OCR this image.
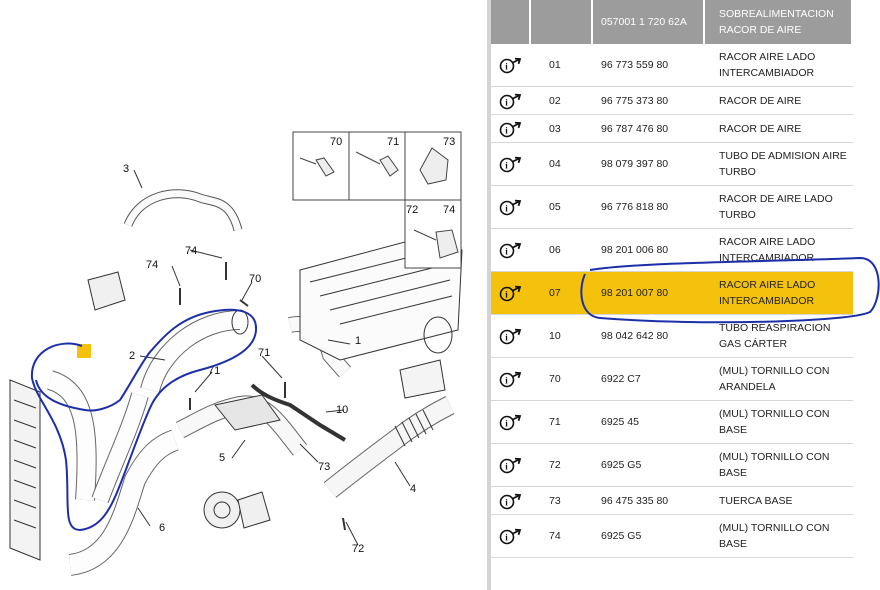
3
74
74
70
2
71
71
1
10
5
73
4
6
72
70	71	73
72 74
		057001 1 720 62A	SOBREALIMENTACION RACOR DE AIRE

i	01	96 773 559 80	RACOR AIRE LADO INTERCAMBIADOR

i	02	96 775 373 80	RACOR DE AIRE

i	03	96 787 476 80	RACOR DE AIRE

i	04	98 079 397 80	TUBO DE ADMISION AIRE TURBO

i	05	96 776 818 80	RACOR DE AIRE LADO TURBO

i	06	98 201 006 80	RACOR AIRE LADO INTERCAMBIADOR

i	07	98 201 007 80	RACOR AIRE LADO INTERCAMBIADOR

i	10	98 042 642 80	TUBO REASPIRACION GAS CÁRTER

i	70	6922 C7	(MUL) TORNILLO CON ARANDELA

i	71	6925 45	(MUL) TORNILLO CON BASE

i	72	6925 G5	(MUL) TORNILLO CON BASE

i	73	96 475 335 80	TUERCA BASE

i	74	6925 G5	(MUL) TORNILLO CON BASE
